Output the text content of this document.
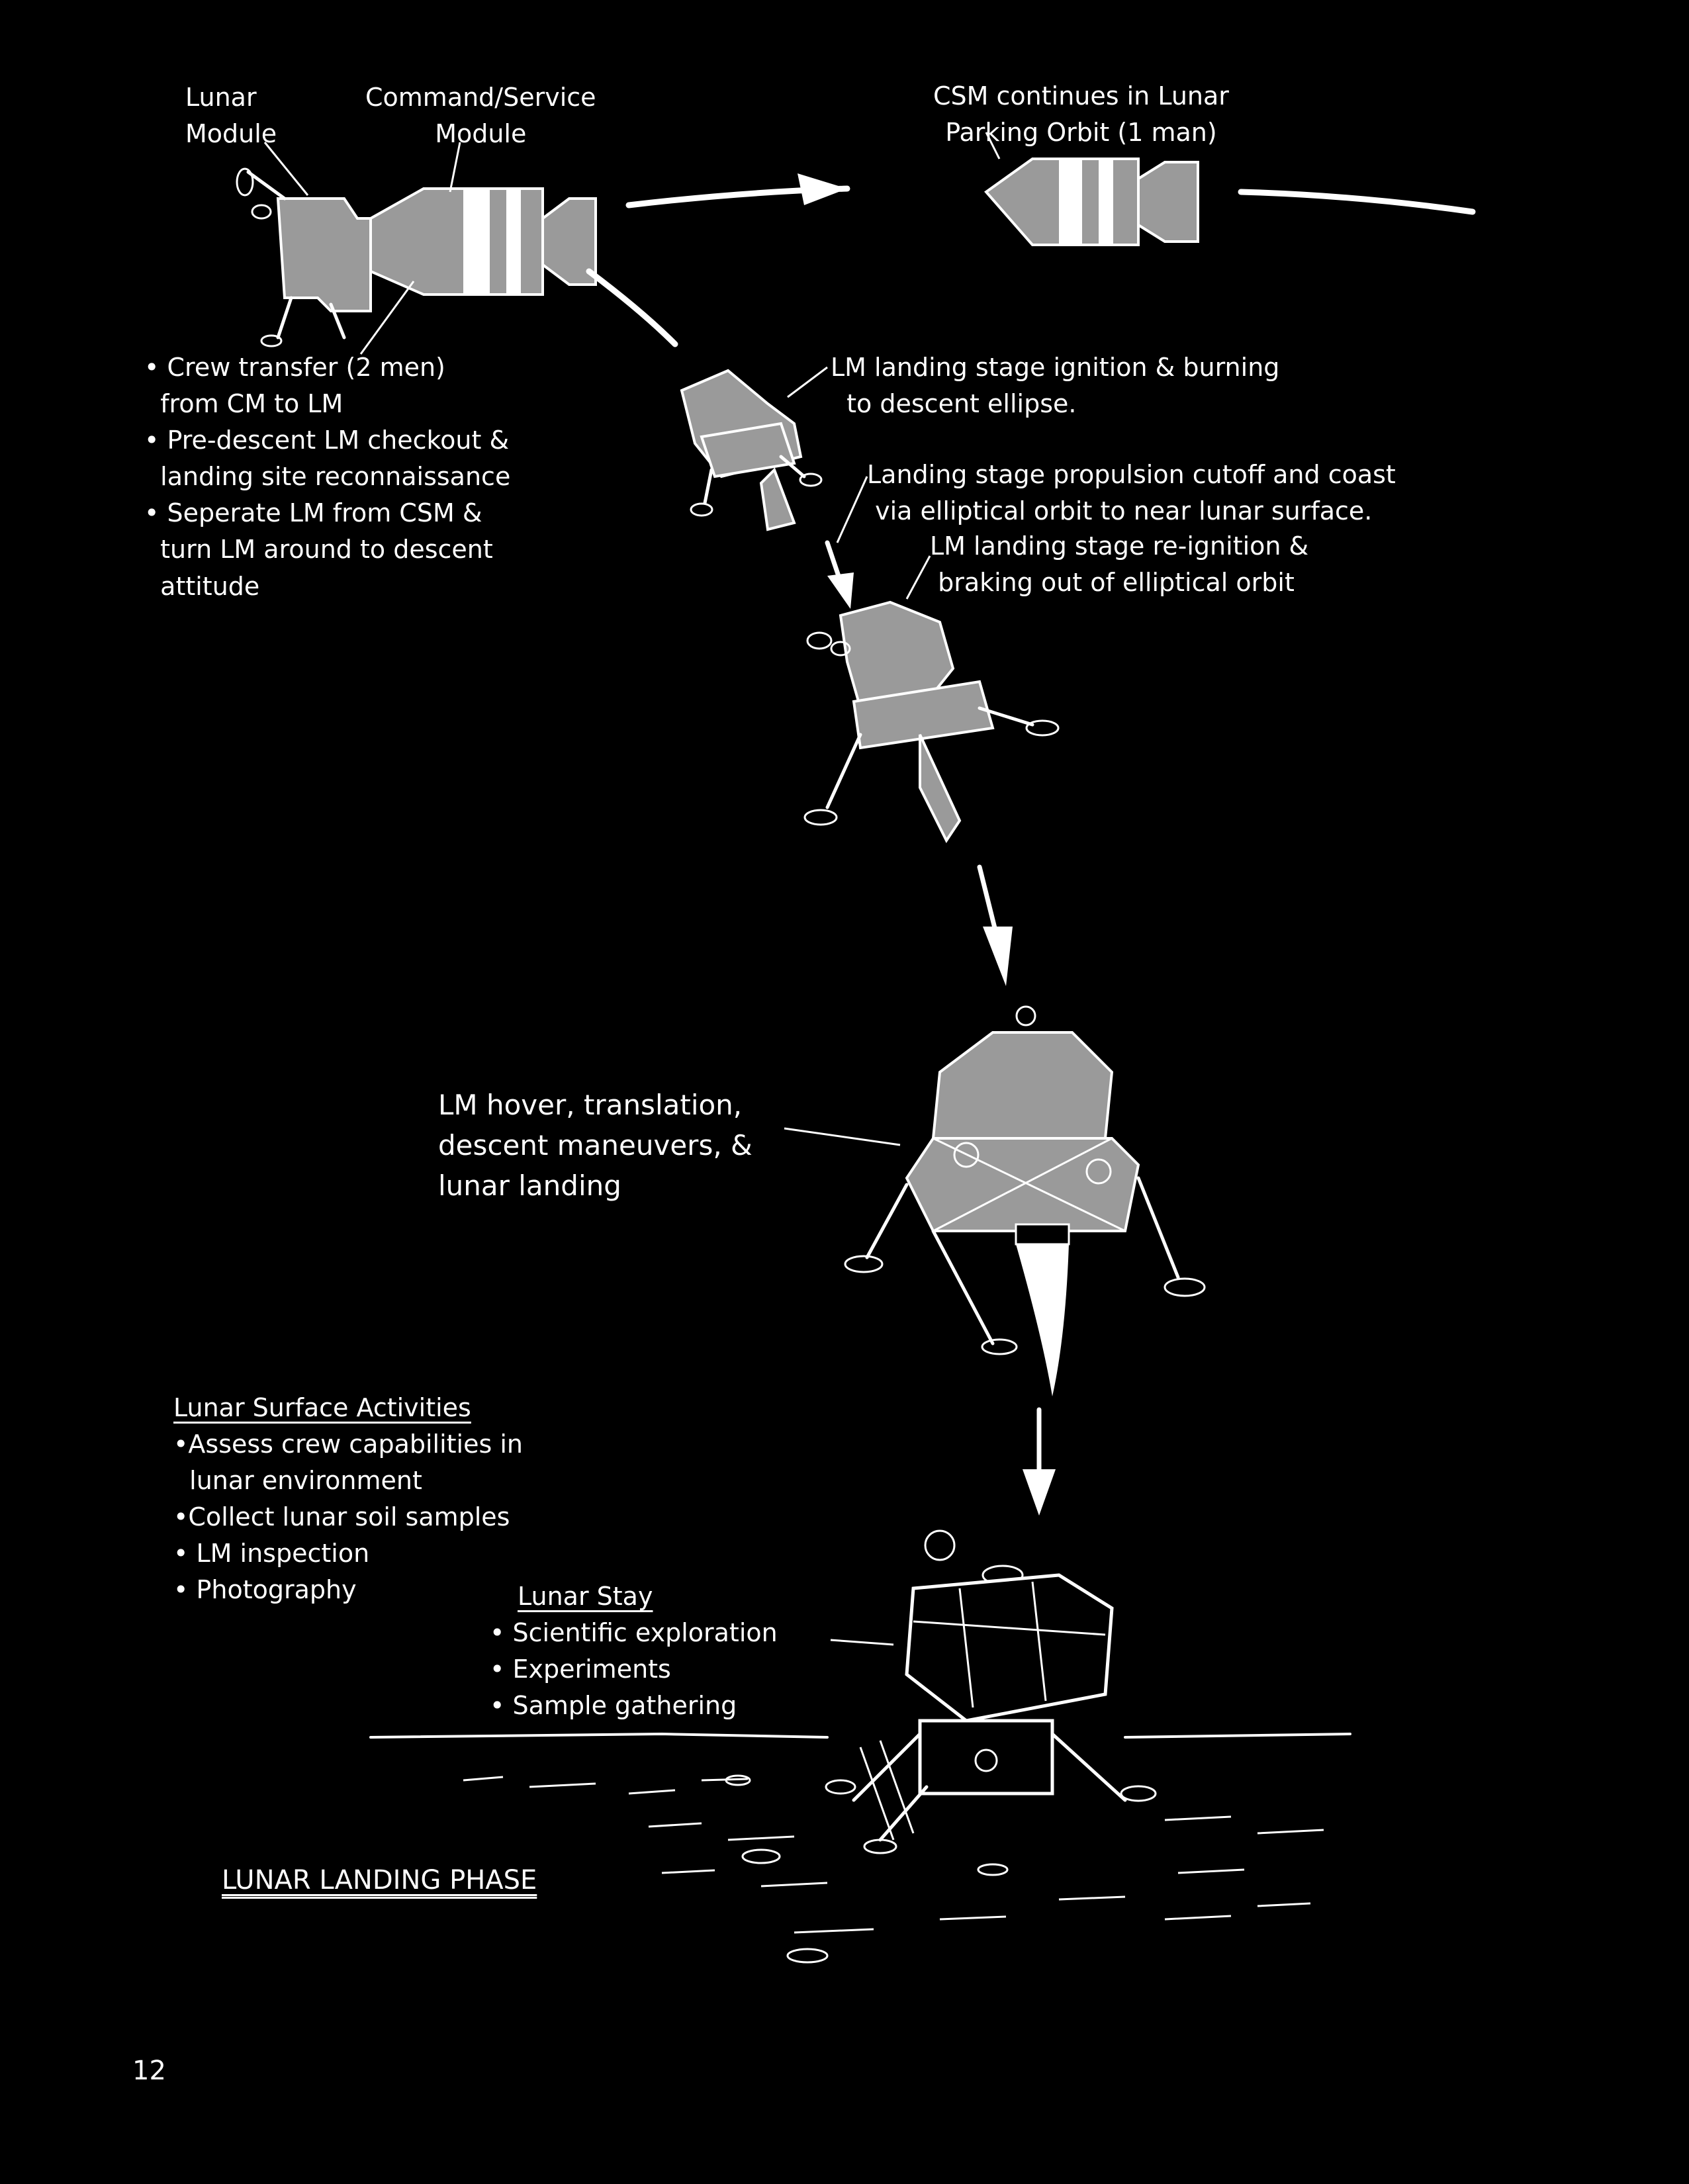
Lunar
Module
Command/Service
Module
CSM continues in Lunar
Parking Orbit (1 man)
• Crew transfer (2 men)
from CM to LM
• Pre-descent LM checkout &
landing site reconnaissance
• Seperate LM from CSM &
turn LM around to descent
attitude
LM landing stage ignition & burning
to descent ellipse.
Landing stage propulsion cutoff and coast
via elliptical orbit to near lunar surface.
LM landing stage re-ignition &
braking out of elliptical orbit
LM hover, translation,
descent maneuvers, &
lunar landing
Lunar Surface Activities
•Assess crew capabilities in
lunar environment
•Collect lunar soil samples
• LM inspection
• Photography	Lunar Stay
• Scientific exploration
• Experiments
• Sample gathering
LUNAR LANDING PHASE
12
